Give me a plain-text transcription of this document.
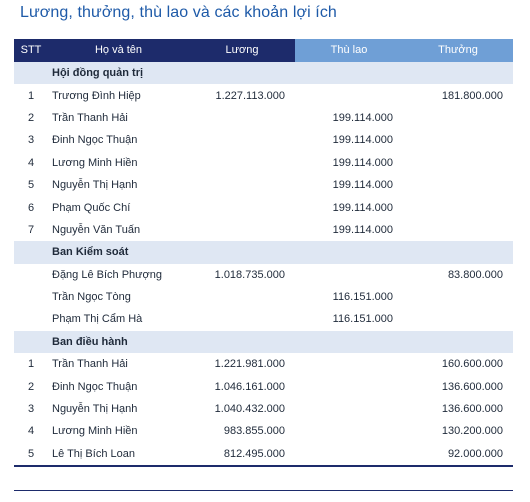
Lương, thưởng, thù lao và các khoản lợi ích
STT	Họ và tên	Lương	Thù lao	Thưởng
	Hội đồng quản trị			
1	Trương Đình Hiệp	1.227.113.000		181.800.000
2	Trần Thanh Hải		199.114.000	
3	Đinh Ngọc Thuận		199.114.000	
4	Lương Minh Hiền		199.114.000	
5	Nguyễn Thị Hạnh		199.114.000	
6	Phạm Quốc Chí		199.114.000	
7	Nguyễn Văn Tuấn		199.114.000	
	Ban Kiểm soát			
	Đặng Lê Bích Phượng	1.018.735.000		83.800.000
	Trần Ngọc Tòng		116.151.000	
	Phạm Thị Cẩm Hà		116.151.000	
	Ban điều hành			
1	Trần Thanh Hải	1.221.981.000		160.600.000
2	Đinh Ngọc Thuận	1.046.161.000		136.600.000
3	Nguyễn Thị Hạnh	1.040.432.000		136.600.000
4	Lương Minh Hiền	983.855.000		130.200.000
5	Lê Thị Bích Loan	812.495.000		92.000.000
